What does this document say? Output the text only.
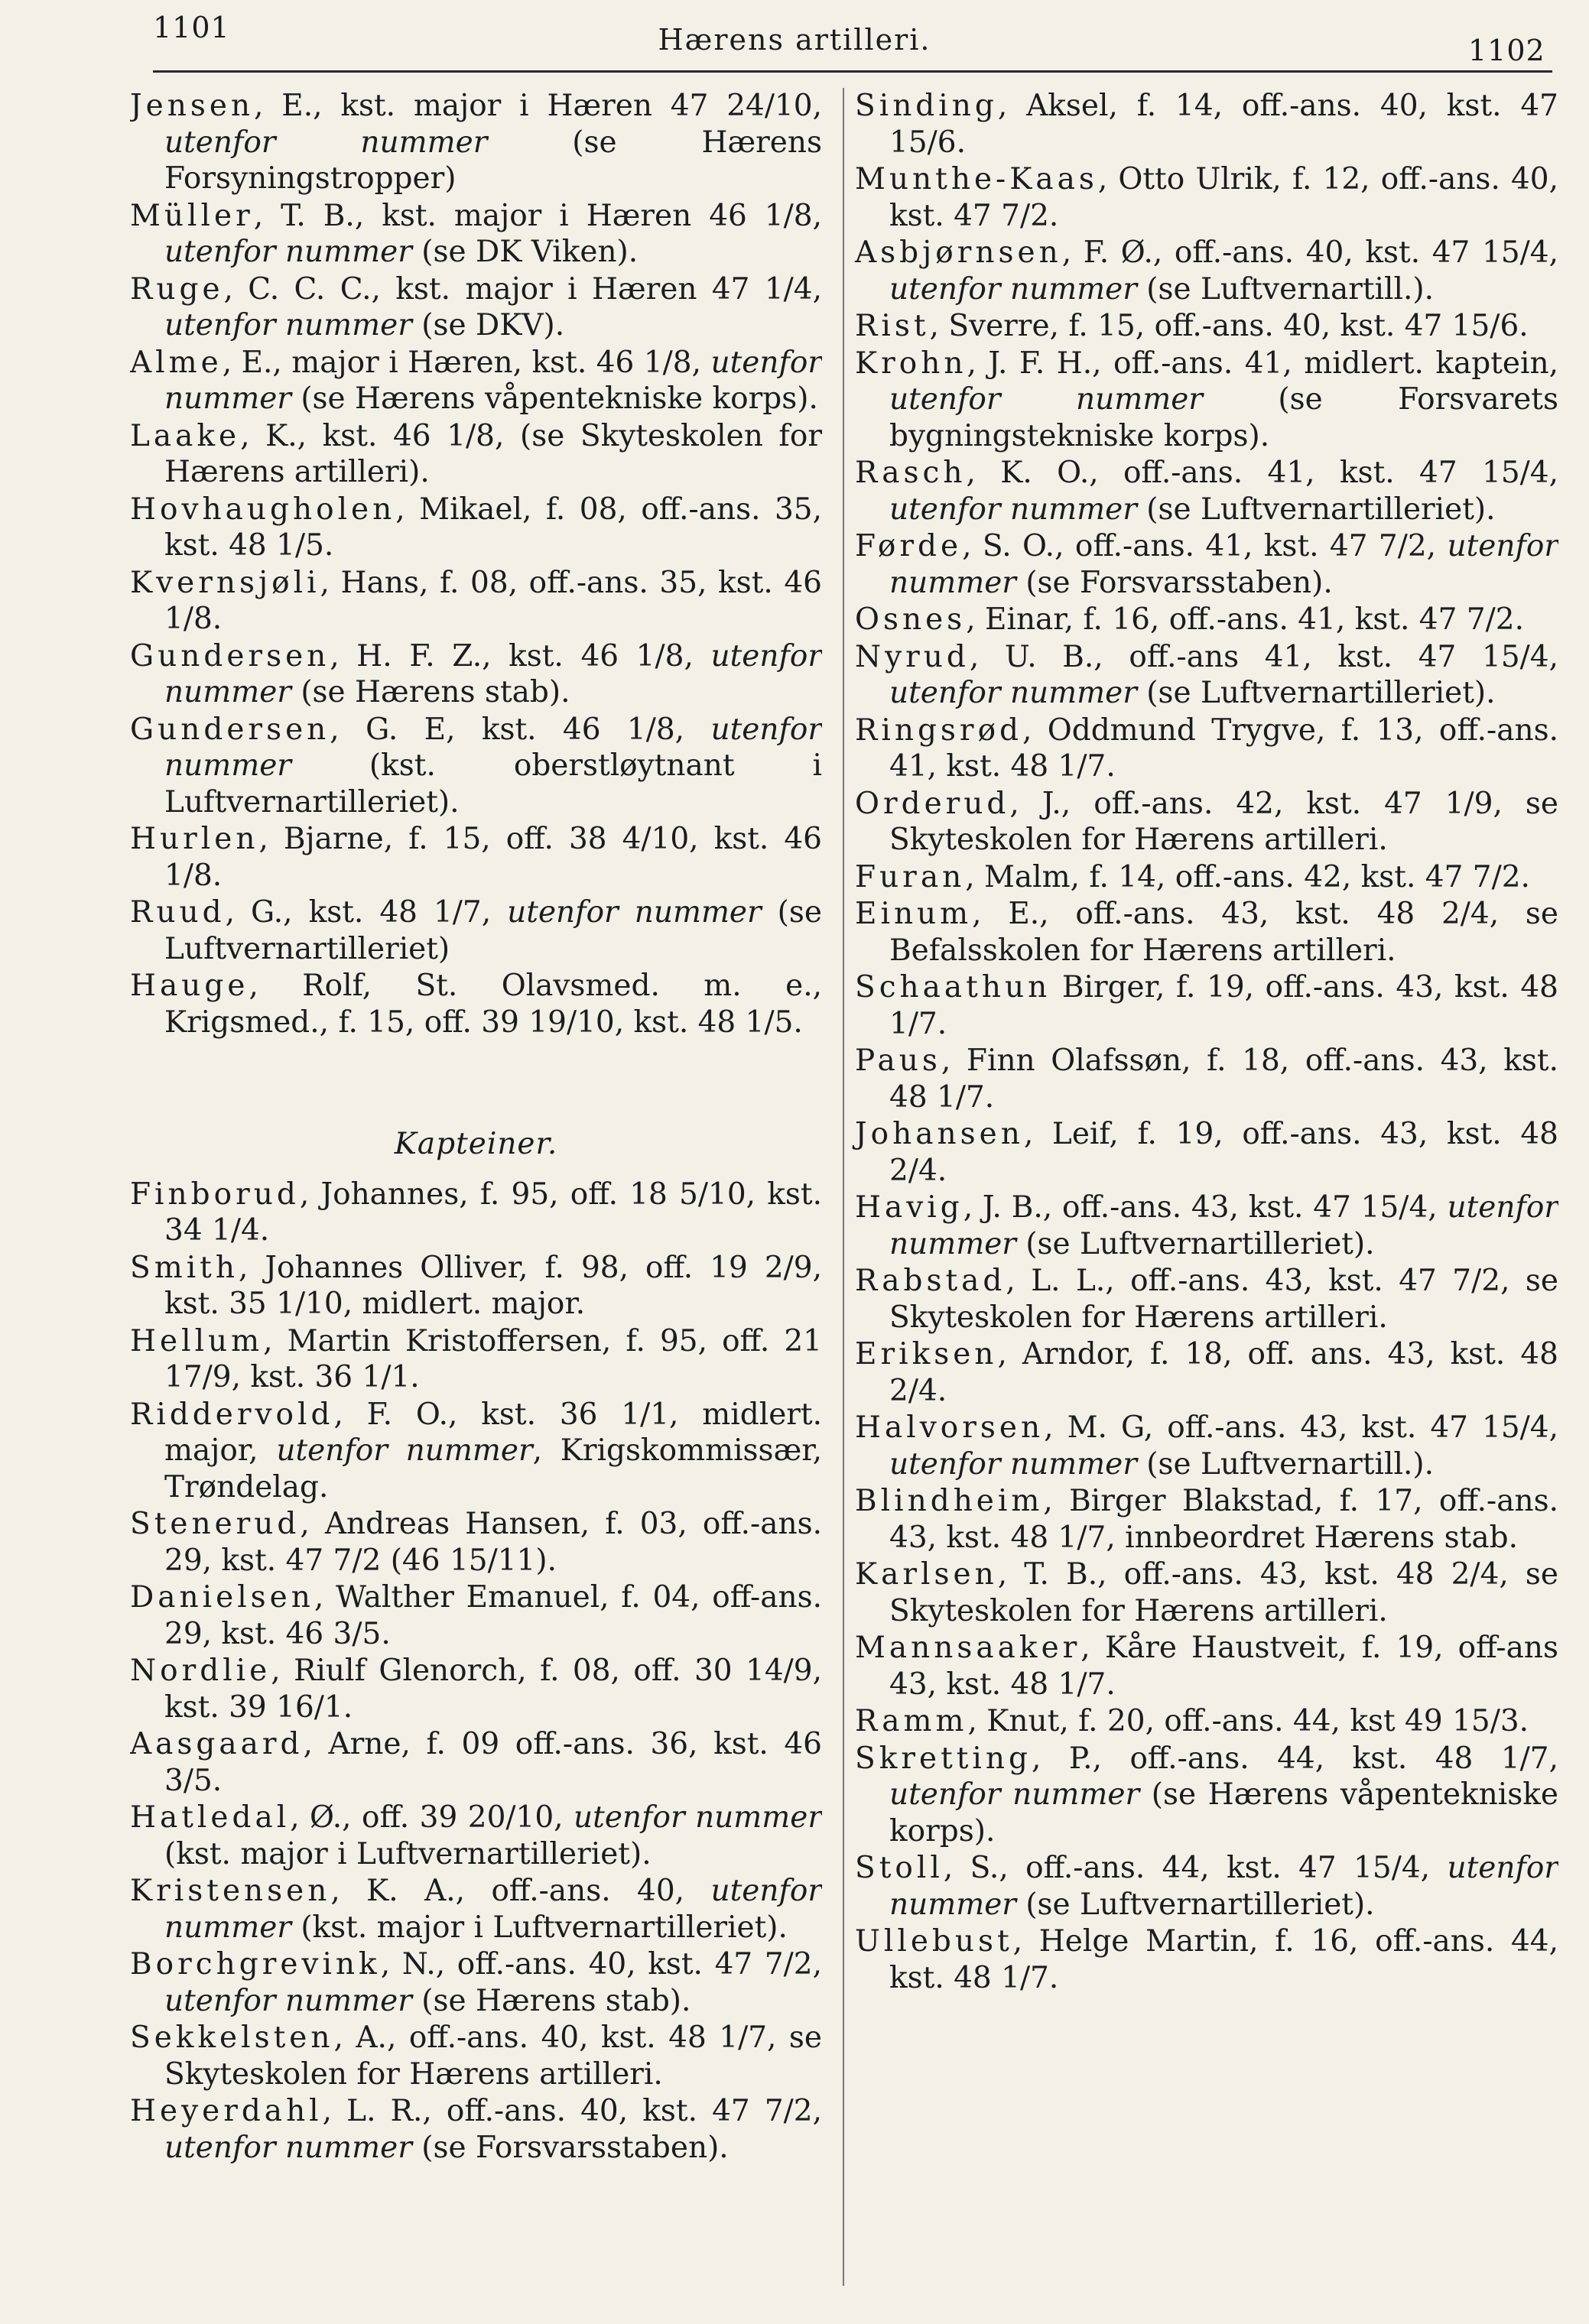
1101	Hærens artilleri.	1102

Jensen, E., kst. major i Hæren 47 24/10, utenfor nummer (se Hærens Forsyningstropper)

Müller, T. B., kst. major i Hæren 46 1/8, utenfor nummer (se DK Viken).

Ruge, C. C. C., kst. major i Hæren 47 1/4, utenfor nummer (se DKV).

Alme, E., major i Hæren, kst. 46 1/8, utenfor nummer (se Hærens våpentekniske korps).

Laake, K., kst. 46 1/8, (se Skyteskolen for Hærens artilleri).

Hovhaugholen, Mikael, f. 08, off.-ans. 35, kst. 48 1/5.

Kvernsjøli, Hans, f. 08, off.-ans. 35, kst. 46 1/8.

Gundersen, H. F. Z., kst. 46 1/8, utenfor nummer (se Hærens stab).

Gundersen, G. E, kst. 46 1/8, utenfor nummer (kst. oberstløytnant i Luftvernartilleriet).

Hurlen, Bjarne, f. 15, off. 38 4/10, kst. 46 1/8.

Ruud, G., kst. 48 1/7, utenfor nummer (se Luftvernartilleriet)

Hauge, Rolf, St. Olavsmed. m. e., Krigsmed., f. 15, off. 39 19/10, kst. 48 1/5.

Kapteiner.

Finborud, Johannes, f. 95, off. 18 5/10, kst. 34 1/4.

Smith, Johannes Olliver, f. 98, off. 19 2/9, kst. 35 1/10, midlert. major.

Hellum, Martin Kristoffersen, f. 95, off. 21 17/9, kst. 36 1/1.

Riddervold, F. O., kst. 36 1/1, midlert. major, utenfor nummer, Krigskommissær, Trøndelag.

Stenerud, Andreas Hansen, f. 03, off.-ans. 29, kst. 47 7/2 (46 15/11).

Danielsen, Walther Emanuel, f. 04, off-ans. 29, kst. 46 3/5.

Nordlie, Riulf Glenorch, f. 08, off. 30 14/9, kst. 39 16/1.

Aasgaard, Arne, f. 09 off.-ans. 36, kst. 46 3/5.

Hatledal, Ø., off. 39 20/10, utenfor nummer (kst. major i Luftvernartilleriet).

Kristensen, K. A., off.-ans. 40, utenfor nummer (kst. major i Luftvernartilleriet).

Borchgrevink, N., off.-ans. 40, kst. 47 7/2, utenfor nummer (se Hærens stab).

Sekkelsten, A., off.-ans. 40, kst. 48 1/7, se Skyteskolen for Hærens artilleri.

Heyerdahl, L. R., off.-ans. 40, kst. 47 7/2, utenfor nummer (se Forsvarsstaben).

Sinding, Aksel, f. 14, off.-ans. 40, kst. 47 15/6.

Munthe-Kaas, Otto Ulrik, f. 12, off.-ans. 40, kst. 47 7/2.

Asbjørnsen, F. Ø., off.-ans. 40, kst. 47 15/4, utenfor nummer (se Luftvernartill.).

Rist, Sverre, f. 15, off.-ans. 40, kst. 47 15/6.

Krohn, J. F. H., off.-ans. 41, midlert. kaptein, utenfor nummer (se Forsvarets bygningstekniske korps).

Rasch, K. O., off.-ans. 41, kst. 47 15/4, utenfor nummer (se Luftvernartilleriet).

Førde, S. O., off.-ans. 41, kst. 47 7/2, utenfor nummer (se Forsvarsstaben).

Osnes, Einar, f. 16, off.-ans. 41, kst. 47 7/2.

Nyrud, U. B., off.-ans 41, kst. 47 15/4, utenfor nummer (se Luftvernartilleriet).

Ringsrød, Oddmund Trygve, f. 13, off.-ans. 41, kst. 48 1/7.

Orderud, J., off.-ans. 42, kst. 47 1/9, se Skyteskolen for Hærens artilleri.

Furan, Malm, f. 14, off.-ans. 42, kst. 47 7/2.

Einum, E., off.-ans. 43, kst. 48 2/4, se Befalsskolen for Hærens artilleri.

Schaathun Birger, f. 19, off.-ans. 43, kst. 48 1/7.

Paus, Finn Olafssøn, f. 18, off.-ans. 43, kst. 48 1/7.

Johansen, Leif, f. 19, off.-ans. 43, kst. 48 2/4.

Havig, J. B., off.-ans. 43, kst. 47 15/4, utenfor nummer (se Luftvernartilleriet).

Rabstad, L. L., off.-ans. 43, kst. 47 7/2, se Skyteskolen for Hærens artilleri.

Eriksen, Arndor, f. 18, off. ans. 43, kst. 48 2/4.

Halvorsen, M. G, off.-ans. 43, kst. 47 15/4, utenfor nummer (se Luftvernartill.).

Blindheim, Birger Blakstad, f. 17, off.-ans. 43, kst. 48 1/7, innbeordret Hærens stab.

Karlsen, T. B., off.-ans. 43, kst. 48 2/4, se Skyteskolen for Hærens artilleri.

Mannsaaker, Kåre Haustveit, f. 19, off-ans 43, kst. 48 1/7.

Ramm, Knut, f. 20, off.-ans. 44, kst 49 15/3.

Skretting, P., off.-ans. 44, kst. 48 1/7, utenfor nummer (se Hærens våpentekniske korps).

Stoll, S., off.-ans. 44, kst. 47 15/4, utenfor nummer (se Luftvernartilleriet).

Ullebust, Helge Martin, f. 16, off.-ans. 44, kst. 48 1/7.
